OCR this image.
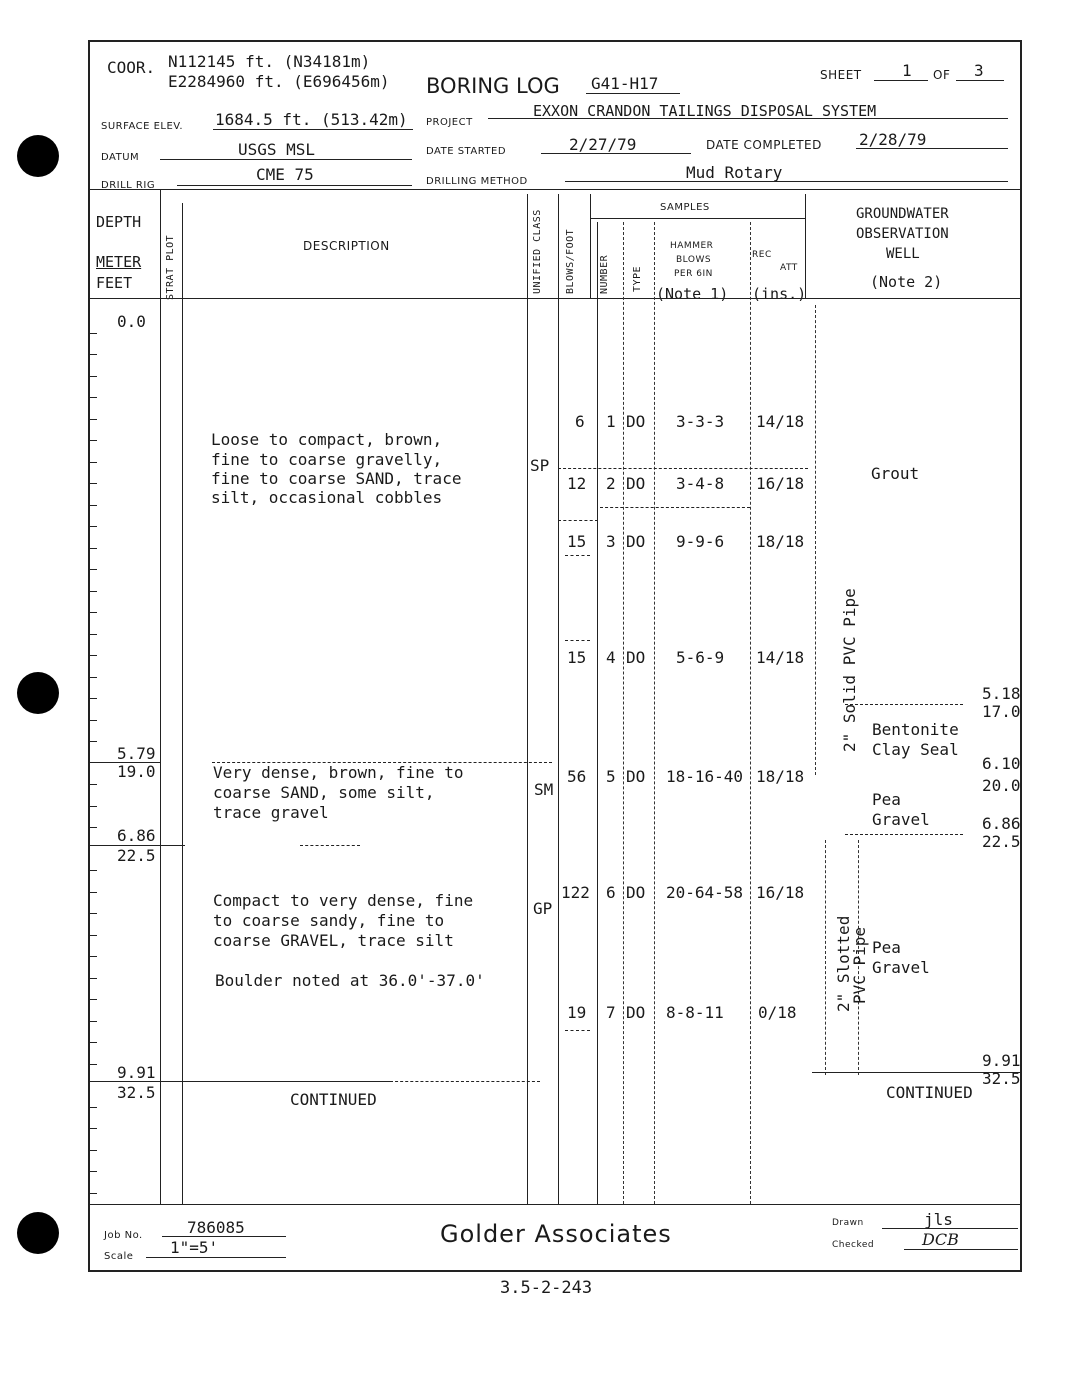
COOR. N112145 ft. (N34181m)
E2284960 ft. (E696456m) BORING LOG G41-H17	SHEET	1 OF 3
SURFACE ELEV. 1684.5 ft. (513.42m) PROJECT
EXXON CRANDON TAILINGS DISPOSAL SYSTEM
DATUM	USGS MSL	DATE STARTED	2/27/79	DATE COMPLETED 2/28/79
DRILL RIG
CME 75	DRILLING METHOD	Mud Rotary
DEPTH
METER
FEET	STRAT PLOT	DESCRIPTION	UNIFIED CLASS BLOWS/FOOT
SAMPLES
NUMBER TYPE
HAMMER
BLOWS
PER 6IN
(Note 1)
REC
ATT
(ins.)
GROUNDWATER
OBSERVATION
WELL
(Note 2)
0.0
5.79
19.0
6.86
22.5
9.91
32.5
Loose to compact, brown,
fine to coarse gravelly,
fine to coarse SAND, trace
silt, occasional cobbles
SP
Very dense, brown, fine to
coarse SAND, some silt,
trace gravel
SM
Compact to very dense, fine
to coarse sandy, fine to
coarse GRAVEL, trace silt
Boulder noted at 36.0'-37.0'
GP
CONTINUED
6 1 DO 3-3-3 14/18
12 2 DO 3-4-8 16/18
15 3 DO 9-9-6 18/18
15 4 DO 5-6-9 14/18
56 5 DO 18-16-40 18/18
122 6 DO 20-64-58 16/18
19 7 DO 8-8-11 0/18
Grout
2" Solid PVC Pipe Bentonite
Clay Seal
Pea
Gravel
2" Slotted
PVC Pipe Pea
Gravel
5.18
17.0
6.10
20.0
6.86
22.5
9.91
32.5
CONTINUED
Job No.	786085
Scale 1"=5'	Golder Associates	Drawn	jls
Checked	DCB
3.5-2-243
